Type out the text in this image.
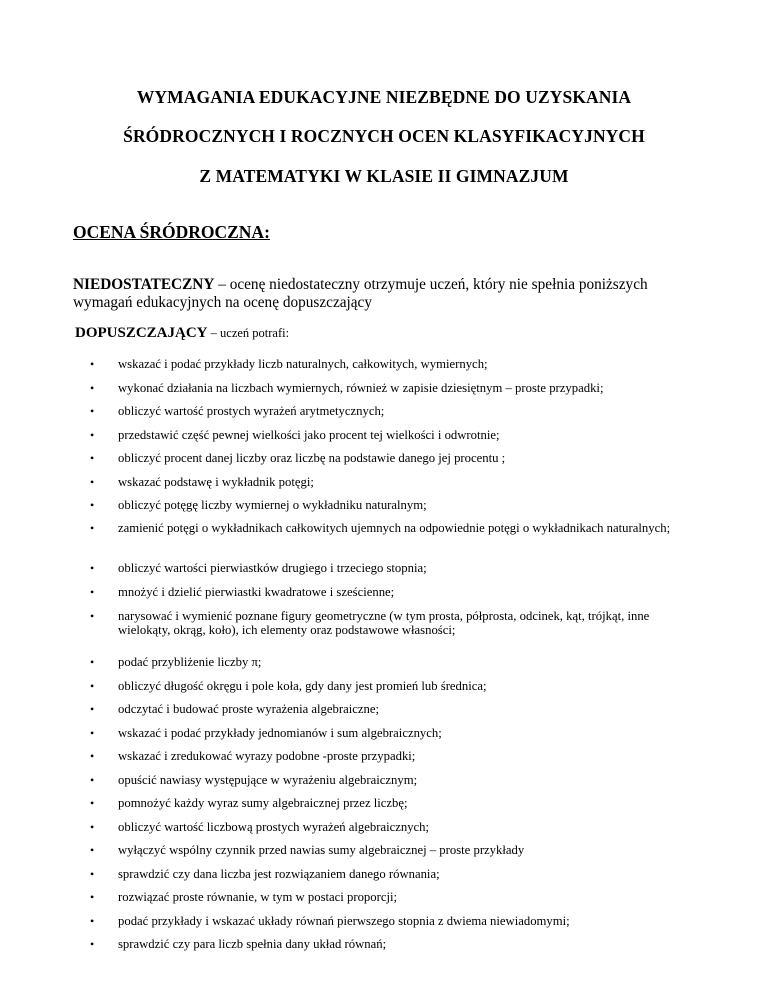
WYMAGANIA EDUKACYJNE NIEZBĘDNE DO UZYSKANIA
ŚRÓDROCZNYCH I ROCZNYCH OCEN KLASYFIKACYJNYCH
Z MATEMATYKI W KLASIE II GIMNAZJUM
OCENA ŚRÓDROCZNA:
NIEDOSTATECZNY – ocenę niedostateczny otrzymuje uczeń, który nie spełnia poniższych wymagań edukacyjnych na ocenę dopuszczający
DOPUSZCZAJĄCY – uczeń potrafi:
•	wskazać i podać przykłady liczb naturalnych, całkowitych, wymiernych;
•	wykonać działania na liczbach wymiernych, również w zapisie dziesiętnym – proste przypadki;
•	obliczyć wartość prostych wyrażeń arytmetycznych;
•	przedstawić część pewnej wielkości jako procent tej wielkości i odwrotnie;
•	obliczyć procent danej liczby oraz liczbę na podstawie danego jej procentu ;
•	wskazać podstawę i wykładnik potęgi;
•	obliczyć potęgę liczby wymiernej o wykładniku naturalnym;
•	zamienić potęgi o wykładnikach całkowitych ujemnych na odpowiednie potęgi o wykładnikach naturalnych;
•	obliczyć wartości pierwiastków drugiego i trzeciego stopnia;
•	mnożyć i dzielić pierwiastki kwadratowe i sześcienne;
•	narysować i wymienić poznane figury geometryczne (w tym prosta, półprosta, odcinek, kąt, trójkąt, inne wielokąty, okrąg, koło), ich elementy oraz podstawowe własności;
•	podać przybliżenie liczby π;
•	obliczyć długość okręgu i pole koła, gdy dany jest promień lub średnica;
•	odczytać i budować proste wyrażenia algebraiczne;
•	wskazać i podać przykłady jednomianów i sum algebraicznych;
•	wskazać i zredukować wyrazy podobne -proste przypadki;
•	opuścić nawiasy występujące w wyrażeniu algebraicznym;
•	pomnożyć każdy wyraz sumy algebraicznej przez liczbę;
•	obliczyć wartość liczbową prostych wyrażeń algebraicznych;
•	wyłączyć wspólny czynnik przed nawias sumy algebraicznej – proste przykłady
•	sprawdzić czy dana liczba jest rozwiązaniem danego równania;
•	rozwiązać proste równanie, w tym w postaci proporcji;
•	podać przykłady i wskazać układy równań pierwszego stopnia z dwiema niewiadomymi;
•	sprawdzić czy para liczb spełnia dany układ równań;
